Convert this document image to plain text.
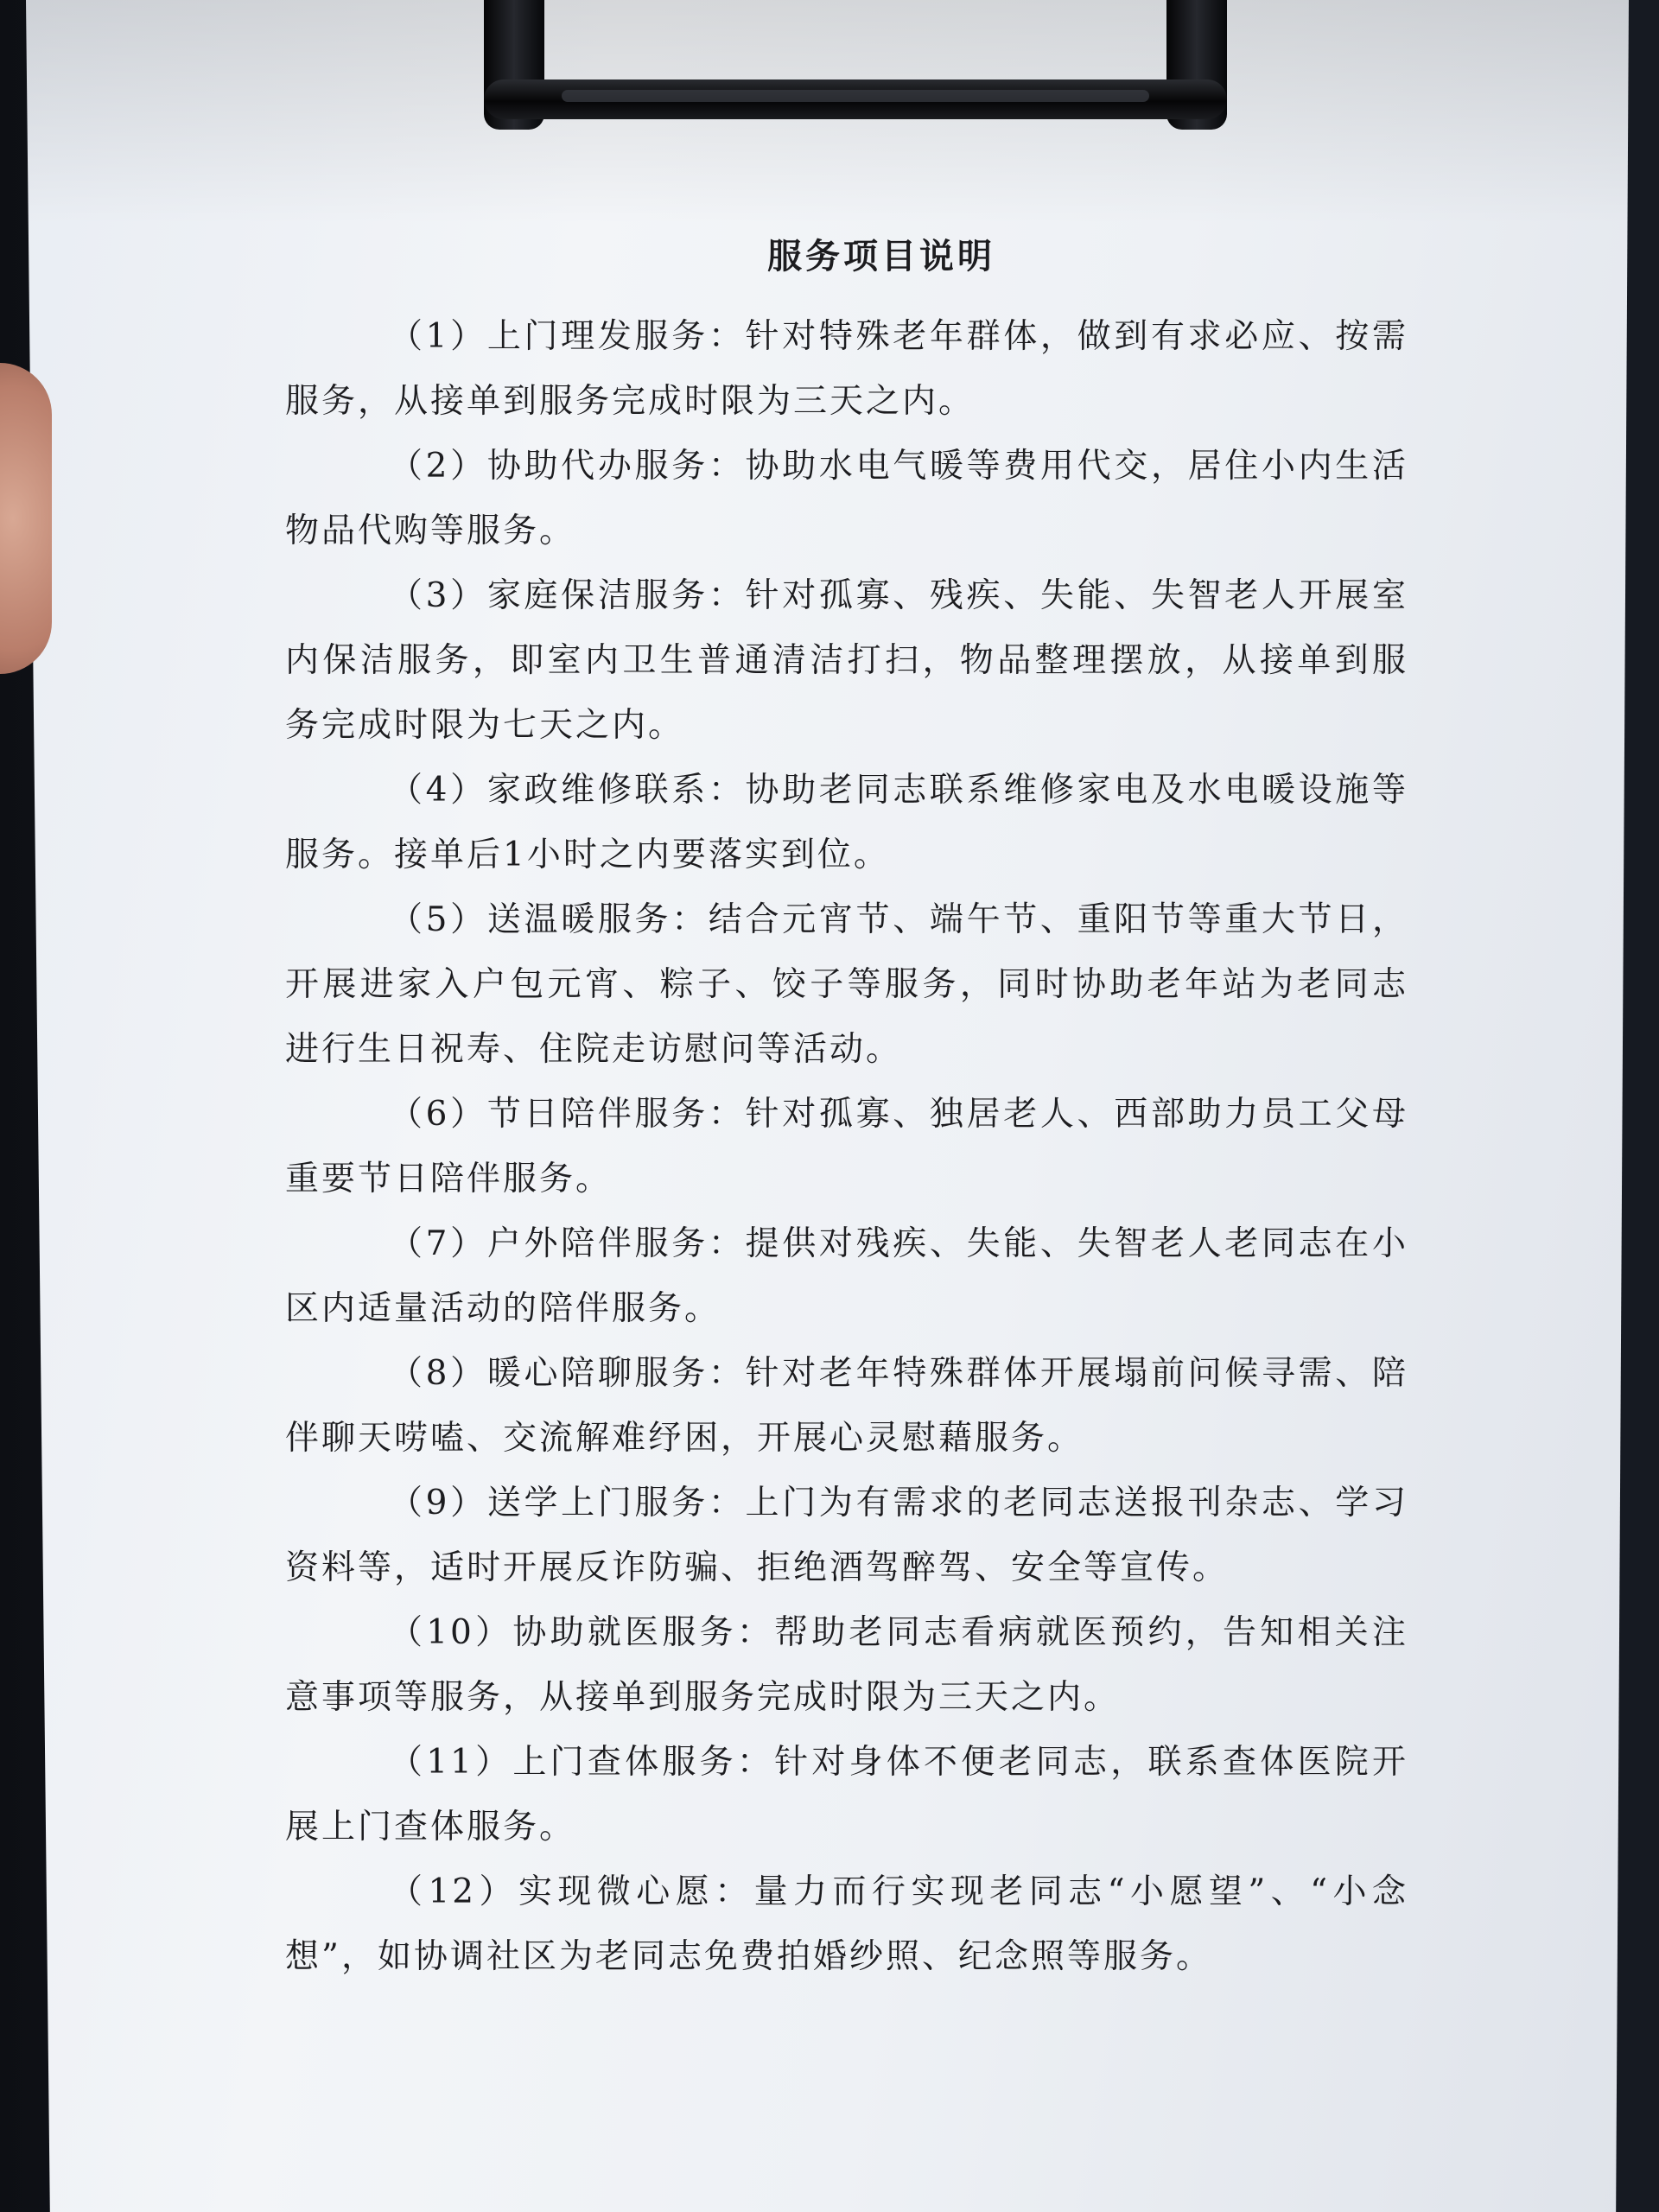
服务项目说明

（1）上门理发服务：针对特殊老年群体，做到有求必应、按需服务，从接单到服务完成时限为三天之内。

（2）协助代办服务：协助水电气暖等费用代交，居住小内生活物品代购等服务。

（3）家庭保洁服务：针对孤寡、残疾、失能、失智老人开展室内保洁服务，即室内卫生普通清洁打扫，物品整理摆放，从接单到服务完成时限为七天之内。

（4）家政维修联系：协助老同志联系维修家电及水电暖设施等服务。接单后1小时之内要落实到位。

（5）送温暖服务：结合元宵节、端午节、重阳节等重大节日，开展进家入户包元宵、粽子、饺子等服务，同时协助老年站为老同志进行生日祝寿、住院走访慰问等活动。

（6）节日陪伴服务：针对孤寡、独居老人、西部助力员工父母重要节日陪伴服务。

（7）户外陪伴服务：提供对残疾、失能、失智老人老同志在小区内适量活动的陪伴服务。

（8）暖心陪聊服务：针对老年特殊群体开展塌前问候寻需、陪伴聊天唠嗑、交流解难纾困，开展心灵慰藉服务。

（9）送学上门服务：上门为有需求的老同志送报刊杂志、学习资料等，适时开展反诈防骗、拒绝酒驾醉驾、安全等宣传。

（10）协助就医服务：帮助老同志看病就医预约，告知相关注意事项等服务，从接单到服务完成时限为三天之内。

（11）上门查体服务：针对身体不便老同志，联系查体医院开展上门查体服务。

（12）实现微心愿：量力而行实现老同志“小愿望”、“小念想”，如协调社区为老同志免费拍婚纱照、纪念照等服务。
